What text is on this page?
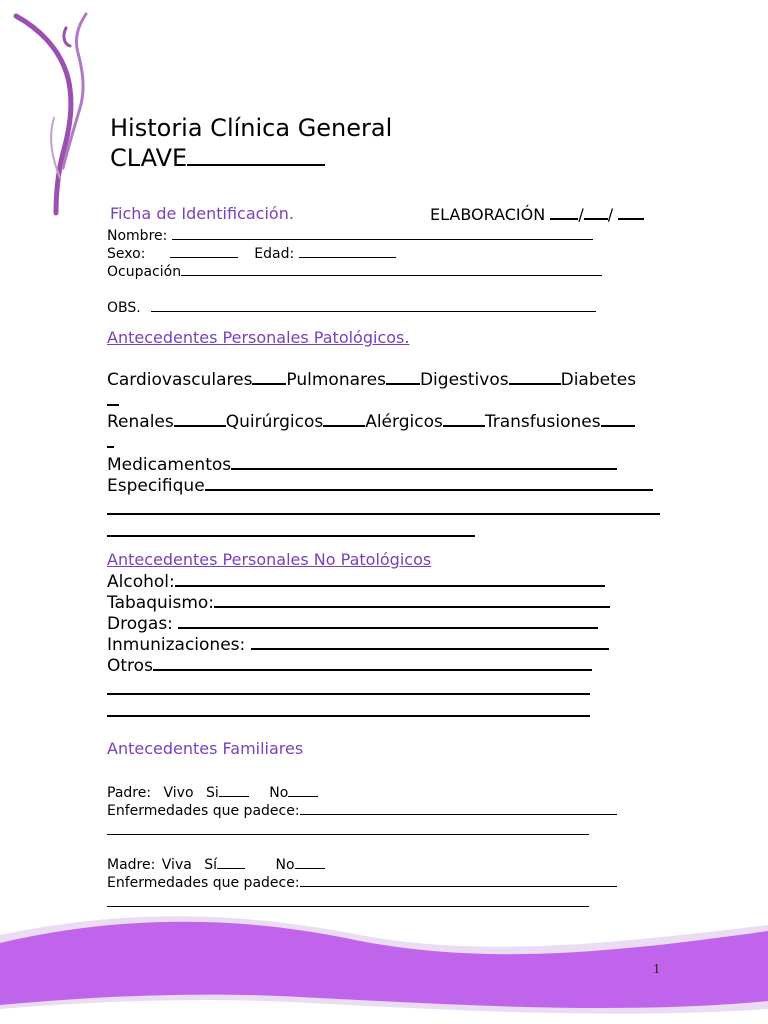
Historia Clínica General
CLAVE
Ficha de Identificación.	ELABORACIÓN / /
Nombre:
Sexo:	Edad:
Ocupación
OBS.
Antecedentes Personales Patológicos.
Cardiovasculares Pulmonares Digestivos	Diabetes
Renales	Quirúrgicos Alérgicos Transfusiones
Medicamentos
Especifique
Antecedentes Personales No Patológicos
Alcohol:
Tabaquismo:
Drogas:
Inmunizaciones:
Otros
Antecedentes Familiares
Padre: Vivo Si	No
Enfermedades que padece:
Madre: Viva Sí	No
Enfermedades que padece:
1
